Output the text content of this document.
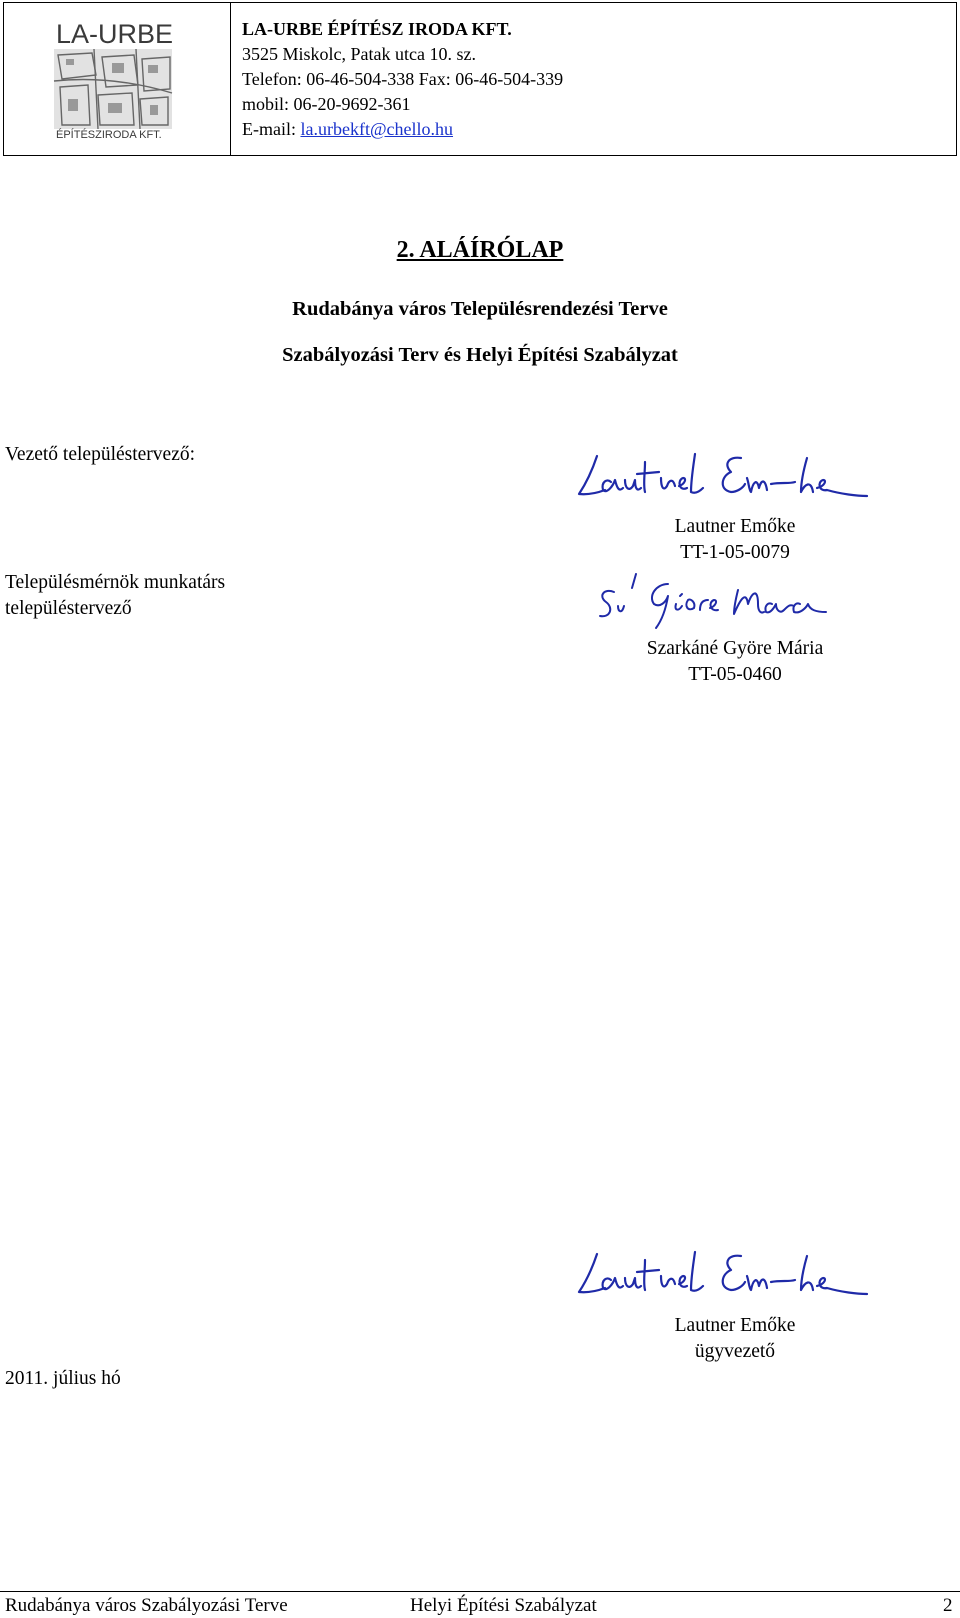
LA-URBE
ÉPÍTÉSZIRODA KFT.
LA-URBE ÉPÍTÉSZ IRODA KFT.
3525 Miskolc, Patak utca 10. sz.
Telefon: 06-46-504-338 Fax: 06-46-504-339
mobil: 06-20-9692-361
E-mail: la.urbekft@chello.hu
2. ALÁÍRÓLAP
Rudabánya város Településrendezési Terve
Szabályozási Terv és Helyi Építési Szabályzat
Vezető településtervező:
Lautner Emőke
TT-1-05-0079
Településmérnök munkatárs
településtervező
Szarkáné Györe Mária
TT-05-0460
Lautner Emőke
ügyvezető
2011. július hó
Rudabánya város Szabályozási Terve	Helyi Építési Szabályzat	2
